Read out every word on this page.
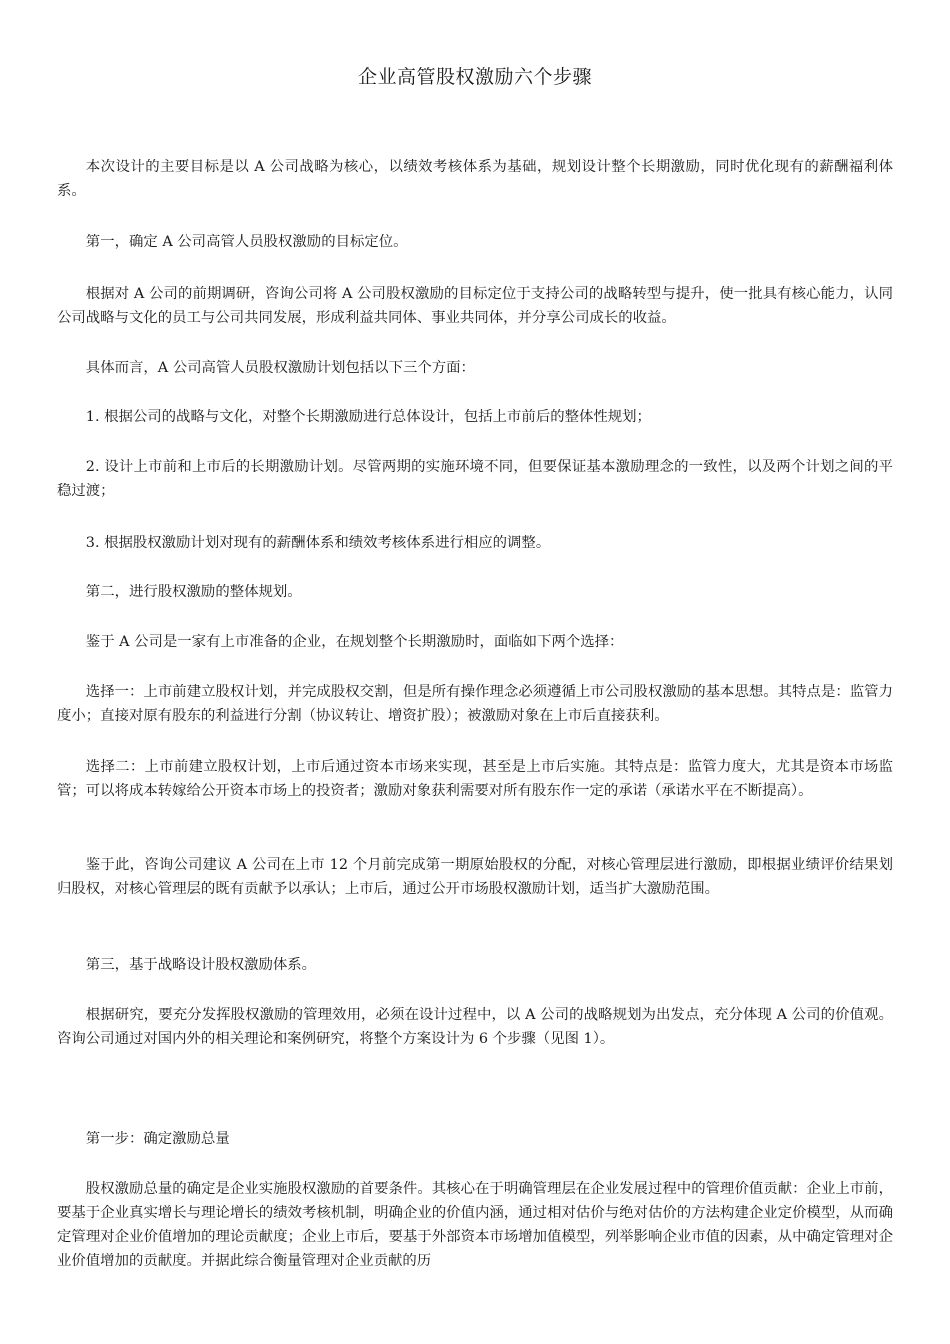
企业高管股权激励六个步骤
本次设计的主要目标是以 A 公司战略为核心，以绩效考核体系为基础，规划设计整个长期激励，同时优化现有的薪酬福利体系。
第一，确定 A 公司高管人员股权激励的目标定位。
根据对 A 公司的前期调研，咨询公司将 A 公司股权激励的目标定位于支持公司的战略转型与提升，使一批具有核心能力，认同公司战略与文化的员工与公司共同发展，形成利益共同体、事业共同体，并分享公司成长的收益。
具体而言，A 公司高管人员股权激励计划包括以下三个方面：
1. 根据公司的战略与文化，对整个长期激励进行总体设计，包括上市前后的整体性规划；
2. 设计上市前和上市后的长期激励计划。尽管两期的实施环境不同，但要保证基本激励理念的一致性，以及两个计划之间的平稳过渡；
3. 根据股权激励计划对现有的薪酬体系和绩效考核体系进行相应的调整。
第二，进行股权激励的整体规划。
鉴于 A 公司是一家有上市准备的企业，在规划整个长期激励时，面临如下两个选择：
选择一：上市前建立股权计划，并完成股权交割，但是所有操作理念必须遵循上市公司股权激励的基本思想。其特点是：监管力度小；直接对原有股东的利益进行分割（协议转让、增资扩股）；被激励对象在上市后直接获利。
选择二：上市前建立股权计划，上市后通过资本市场来实现，甚至是上市后实施。其特点是：监管力度大，尤其是资本市场监管；可以将成本转嫁给公开资本市场上的投资者；激励对象获利需要对所有股东作一定的承诺（承诺水平在不断提高）。
鉴于此，咨询公司建议 A 公司在上市 12 个月前完成第一期原始股权的分配，对核心管理层进行激励，即根据业绩评价结果划归股权，对核心管理层的既有贡献予以承认；上市后，通过公开市场股权激励计划，适当扩大激励范围。
第三，基于战略设计股权激励体系。
根据研究，要充分发挥股权激励的管理效用，必须在设计过程中，以 A 公司的战略规划为出发点，充分体现 A 公司的价值观。咨询公司通过对国内外的相关理论和案例研究，将整个方案设计为 6 个步骤（见图 1）。
第一步：确定激励总量
股权激励总量的确定是企业实施股权激励的首要条件。其核心在于明确管理层在企业发展过程中的管理价值贡献：企业上市前，要基于企业真实增长与理论增长的绩效考核机制，明确企业的价值内涵，通过相对估价与绝对估价的方法构建企业定价模型，从而确定管理对企业价值增加的理论贡献度；企业上市后，要基于外部资本市场增加值模型，列举影响企业市值的因素，从中确定管理对企业价值增加的贡献度。并据此综合衡量管理对企业贡献的历
